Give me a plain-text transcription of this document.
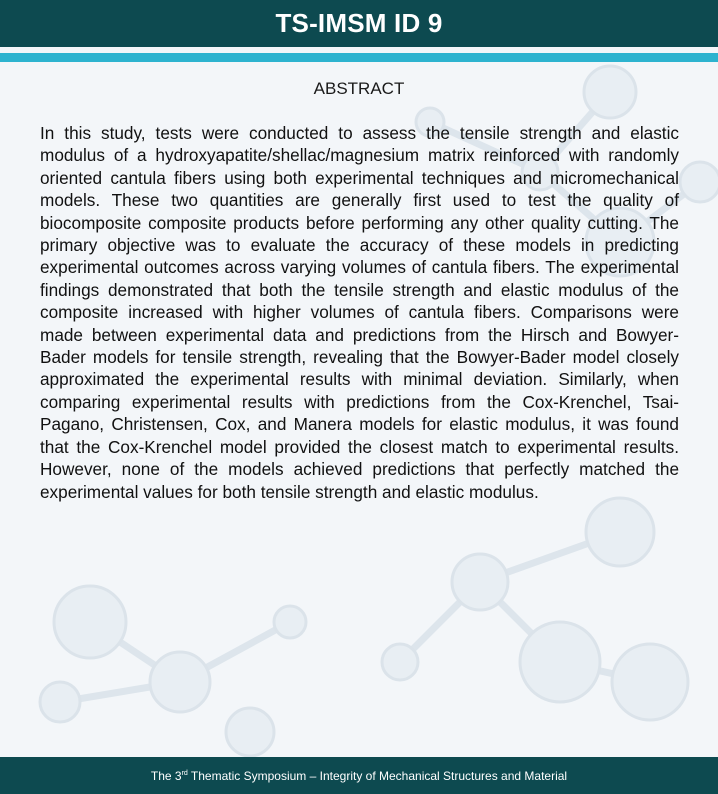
TS-IMSM ID 9
ABSTRACT

In this study, tests were conducted to assess the tensile strength and elastic modulus of a hydroxyapatite/shellac/magnesium matrix reinforced with randomly oriented cantula fibers using both experimental techniques and micromechanical models. These two quantities are generally first used to test the quality of biocomposite composite products before performing any other quality cutting. The primary objective was to evaluate the accuracy of these models in predicting experimental outcomes across varying volumes of cantula fibers. The experimental findings demonstrated that both the tensile strength and elastic modulus of the composite increased with higher volumes of cantula fibers. Comparisons were made between experimental data and predictions from the Hirsch and Bowyer-Bader models for tensile strength, revealing that the Bowyer-Bader model closely approximated the experimental results with minimal deviation. Similarly, when comparing experimental results with predictions from the Cox-Krenchel, Tsai-Pagano, Christensen, Cox, and Manera models for elastic modulus, it was found that the Cox-Krenchel model provided the closest match to experimental results. However, none of the models achieved predictions that perfectly matched the experimental values for both tensile strength and elastic modulus.

The 3rd Thematic Symposium – Integrity of Mechanical Structures and Material
